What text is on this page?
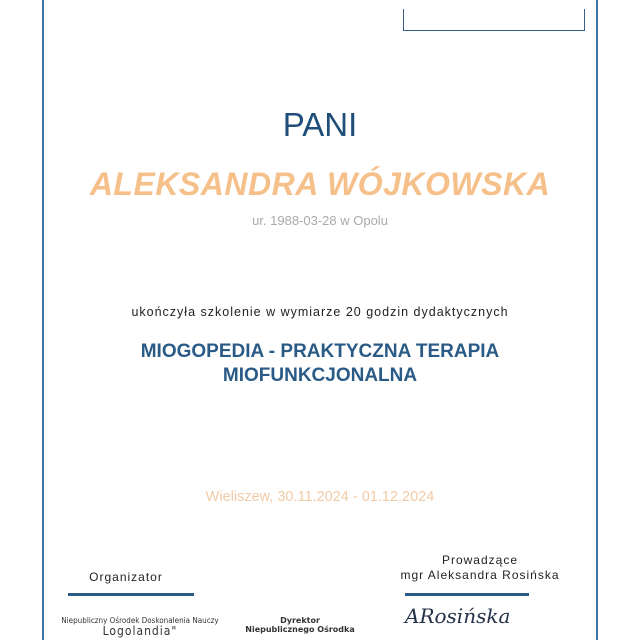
PANI
ALEKSANDRA WÓJKOWSKA
ur. 1988-03-28 w Opolu
ukończyła szkolenie w wymiarze 20 godzin dydaktycznych
MIOGOPEDIA - PRAKTYCZNA TERAPIA
MIOFUNKCJONALNA
Wieliszew, 30.11.2024 - 01.12.2024
Organizator
Prowadzące
mgr Aleksandra Rosińska
Niepubliczny Ośrodek Doskonalenia Nauczy
Logolandia"
Dyrektor
Niepublicznego Ośrodka
ARosińska
